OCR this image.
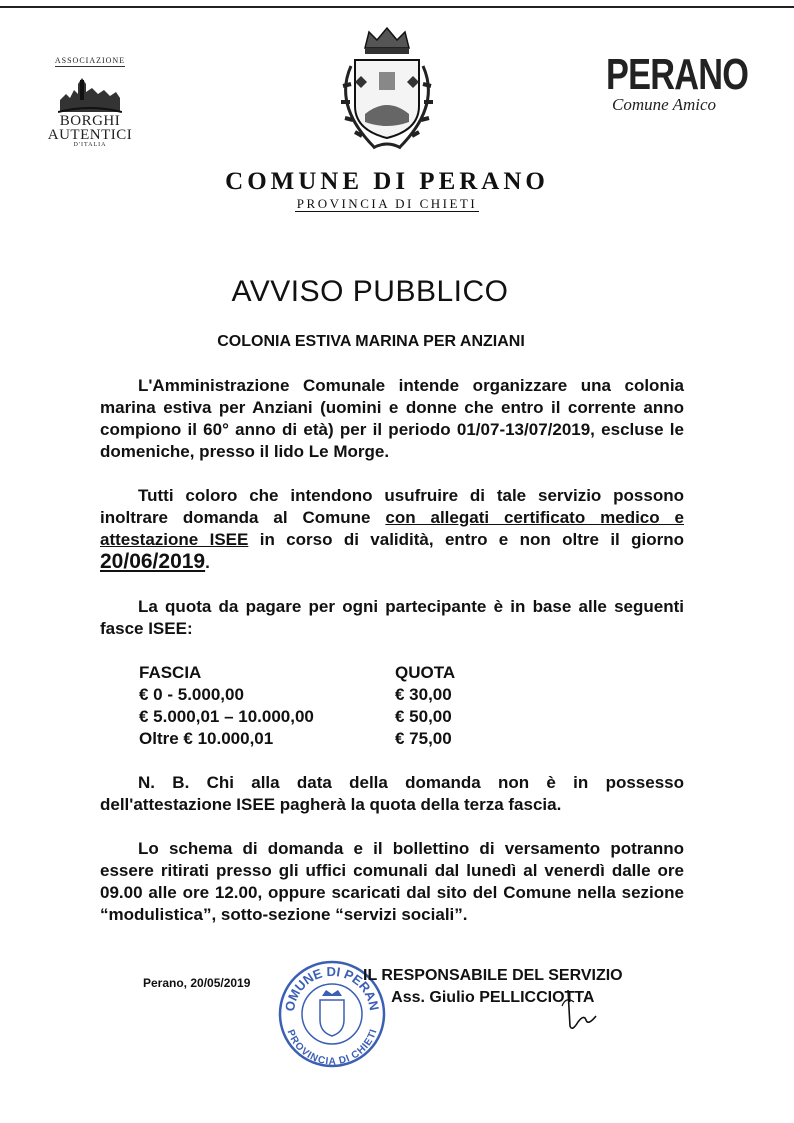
ASSOCIAZIONE
BORGHI
AUTENTICI
D'ITALIA
PERANO
Comune Amico
COMUNE DI PERANO
PROVINCIA DI CHIETI
AVVISO PUBBLICO
COLONIA ESTIVA MARINA PER ANZIANI

L'Amministrazione Comunale intende organizzare una colonia marina estiva per Anziani (uomini e donne che entro il corrente anno compiono il 60° anno di età) per il periodo 01/07-13/07/2019, escluse le domeniche, presso il lido Le Morge.

Tutti coloro che intendono usufruire di tale servizio possono inoltrare domanda al Comune con allegati certificato medico e attestazione ISEE in corso di validità, entro e non oltre il giorno 20/06/2019.

La quota da pagare per ogni partecipante è in base alle seguenti fasce ISEE:

FASCIA	QUOTA
€ 0 - 5.000,00	€ 30,00
€ 5.000,01 – 10.000,00	€ 50,00
Oltre € 10.000,01	€ 75,00

N. B. Chi alla data della domanda non è in possesso dell'attestazione ISEE pagherà la quota della terza fascia.

Lo schema di domanda e il bollettino di versamento potranno essere ritirati presso gli uffici comunali dal lunedì al venerdì dalle ore 09.00 alle ore 12.00, oppure scaricati dal sito del Comune nella sezione “modulistica”, sotto-sezione “servizi sociali”.

Perano, 20/05/2019
OMUNE DI PERAN
PROVINCIA DI CHIETI
IL RESPONSABILE DEL SERVIZIO
Ass. Giulio PELLICCIOTTA
